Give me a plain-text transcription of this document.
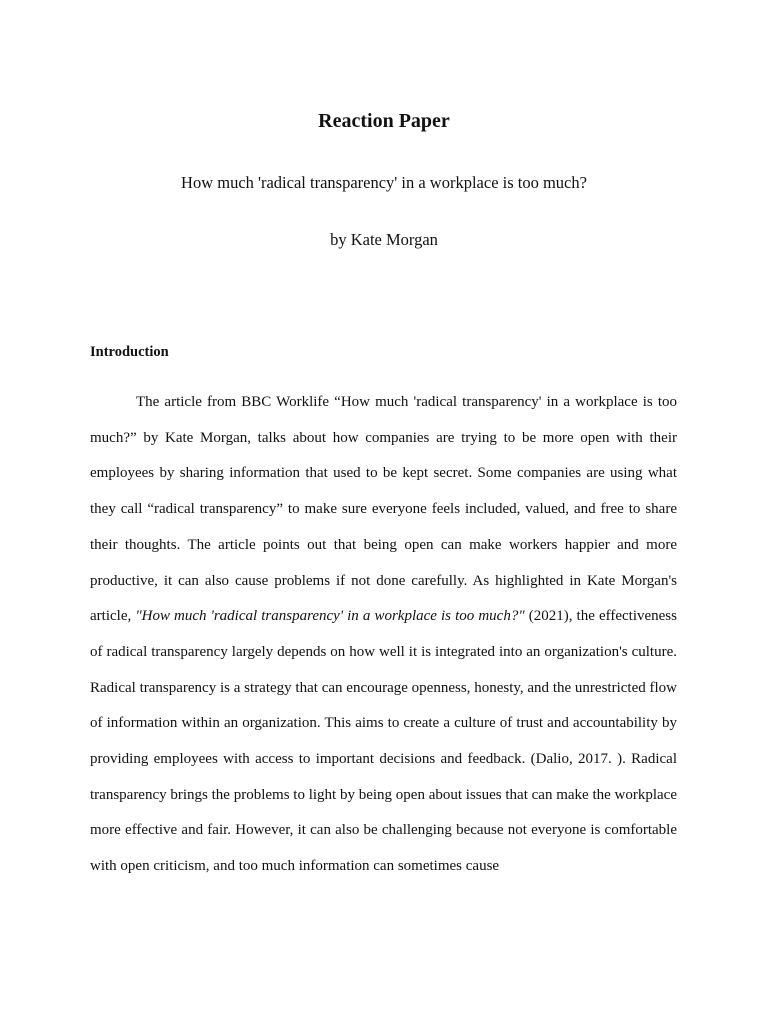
Reaction Paper
How much 'radical transparency' in a workplace is too much?
by Kate Morgan
Introduction

The article from BBC Worklife “How much 'radical transparency' in a workplace is too much?” by Kate Morgan, talks about how companies are trying to be more open with their employees by sharing information that used to be kept secret. Some companies are using what they call “radical transparency” to make sure everyone feels included, valued, and free to share their thoughts. The article points out that being open can make workers happier and more productive, it can also cause problems if not done carefully. As highlighted in Kate Morgan's article, "How much 'radical transparency' in a workplace is too much?" (2021), the effectiveness of radical transparency largely depends on how well it is integrated into an organization's culture. Radical transparency is a strategy that can encourage openness, honesty, and the unrestricted flow of information within an organization. This aims to create a culture of trust and accountability by providing employees with access to important decisions and feedback. (Dalio, 2017. ). Radical transparency brings the problems to light by being open about issues that can make the workplace more effective and fair. However, it can also be challenging because not everyone is comfortable with open criticism, and too much information can sometimes cause
